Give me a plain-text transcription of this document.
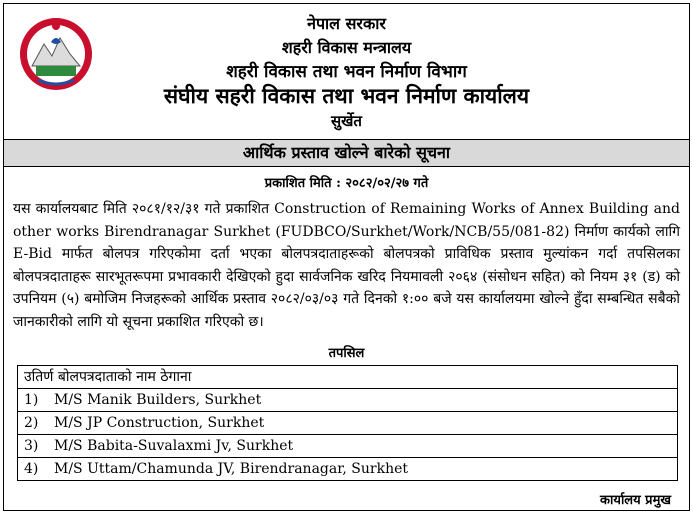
नेपाल सरकार
शहरी विकास मन्त्रालय
शहरी विकास तथा भवन निर्माण विभाग
संघीय सहरी विकास तथा भवन निर्माण कार्यालय
सुर्खेत
आर्थिक प्रस्ताव खोल्ने बारेको सूचना
प्रकाशित मिति : २०८२/०२/२७ गते
यस कार्यालयबाट मिति २०८१/१२/३१ गते प्रकाशित Construction of Remaining Works of Annex Building and other works Birendranagar Surkhet (FUDBCO/Surkhet/Work/NCB/55/081-82) निर्माण कार्यको लागि E-Bid मार्फत बोलपत्र गरिएकोमा दर्ता भएका बोलपत्रदाताहरूको बोलपत्रको प्राविधिक प्रस्ताव मुल्यांकन गर्दा तपसिलका बोलपत्रदाताहरू सारभूतरूपमा प्रभावकारी देखिएको हुदा सार्वजनिक खरिद नियमावली २०६४ (संसोधन सहित) को नियम ३१ (ड) को उपनियम (५) बमोजिम निजहरूको आर्थिक प्रस्ताव २०८२/०३/०३ गते दिनको १:०० बजे यस कार्यालयमा खोल्ने हुँदा सम्बन्धित सबैको जानकारीको लागि यो सूचना प्रकाशित गरिएको छ।
तपसिल
उतिर्ण बोलपत्रदाताको नाम ठेगाना
1) M/S Manik Builders, Surkhet
2) M/S JP Construction, Surkhet
3) M/S Babita-Suvalaxmi Jv, Surkhet
4) M/S Uttam/Chamunda JV, Birendranagar, Surkhet
कार्यालय प्रमुख
